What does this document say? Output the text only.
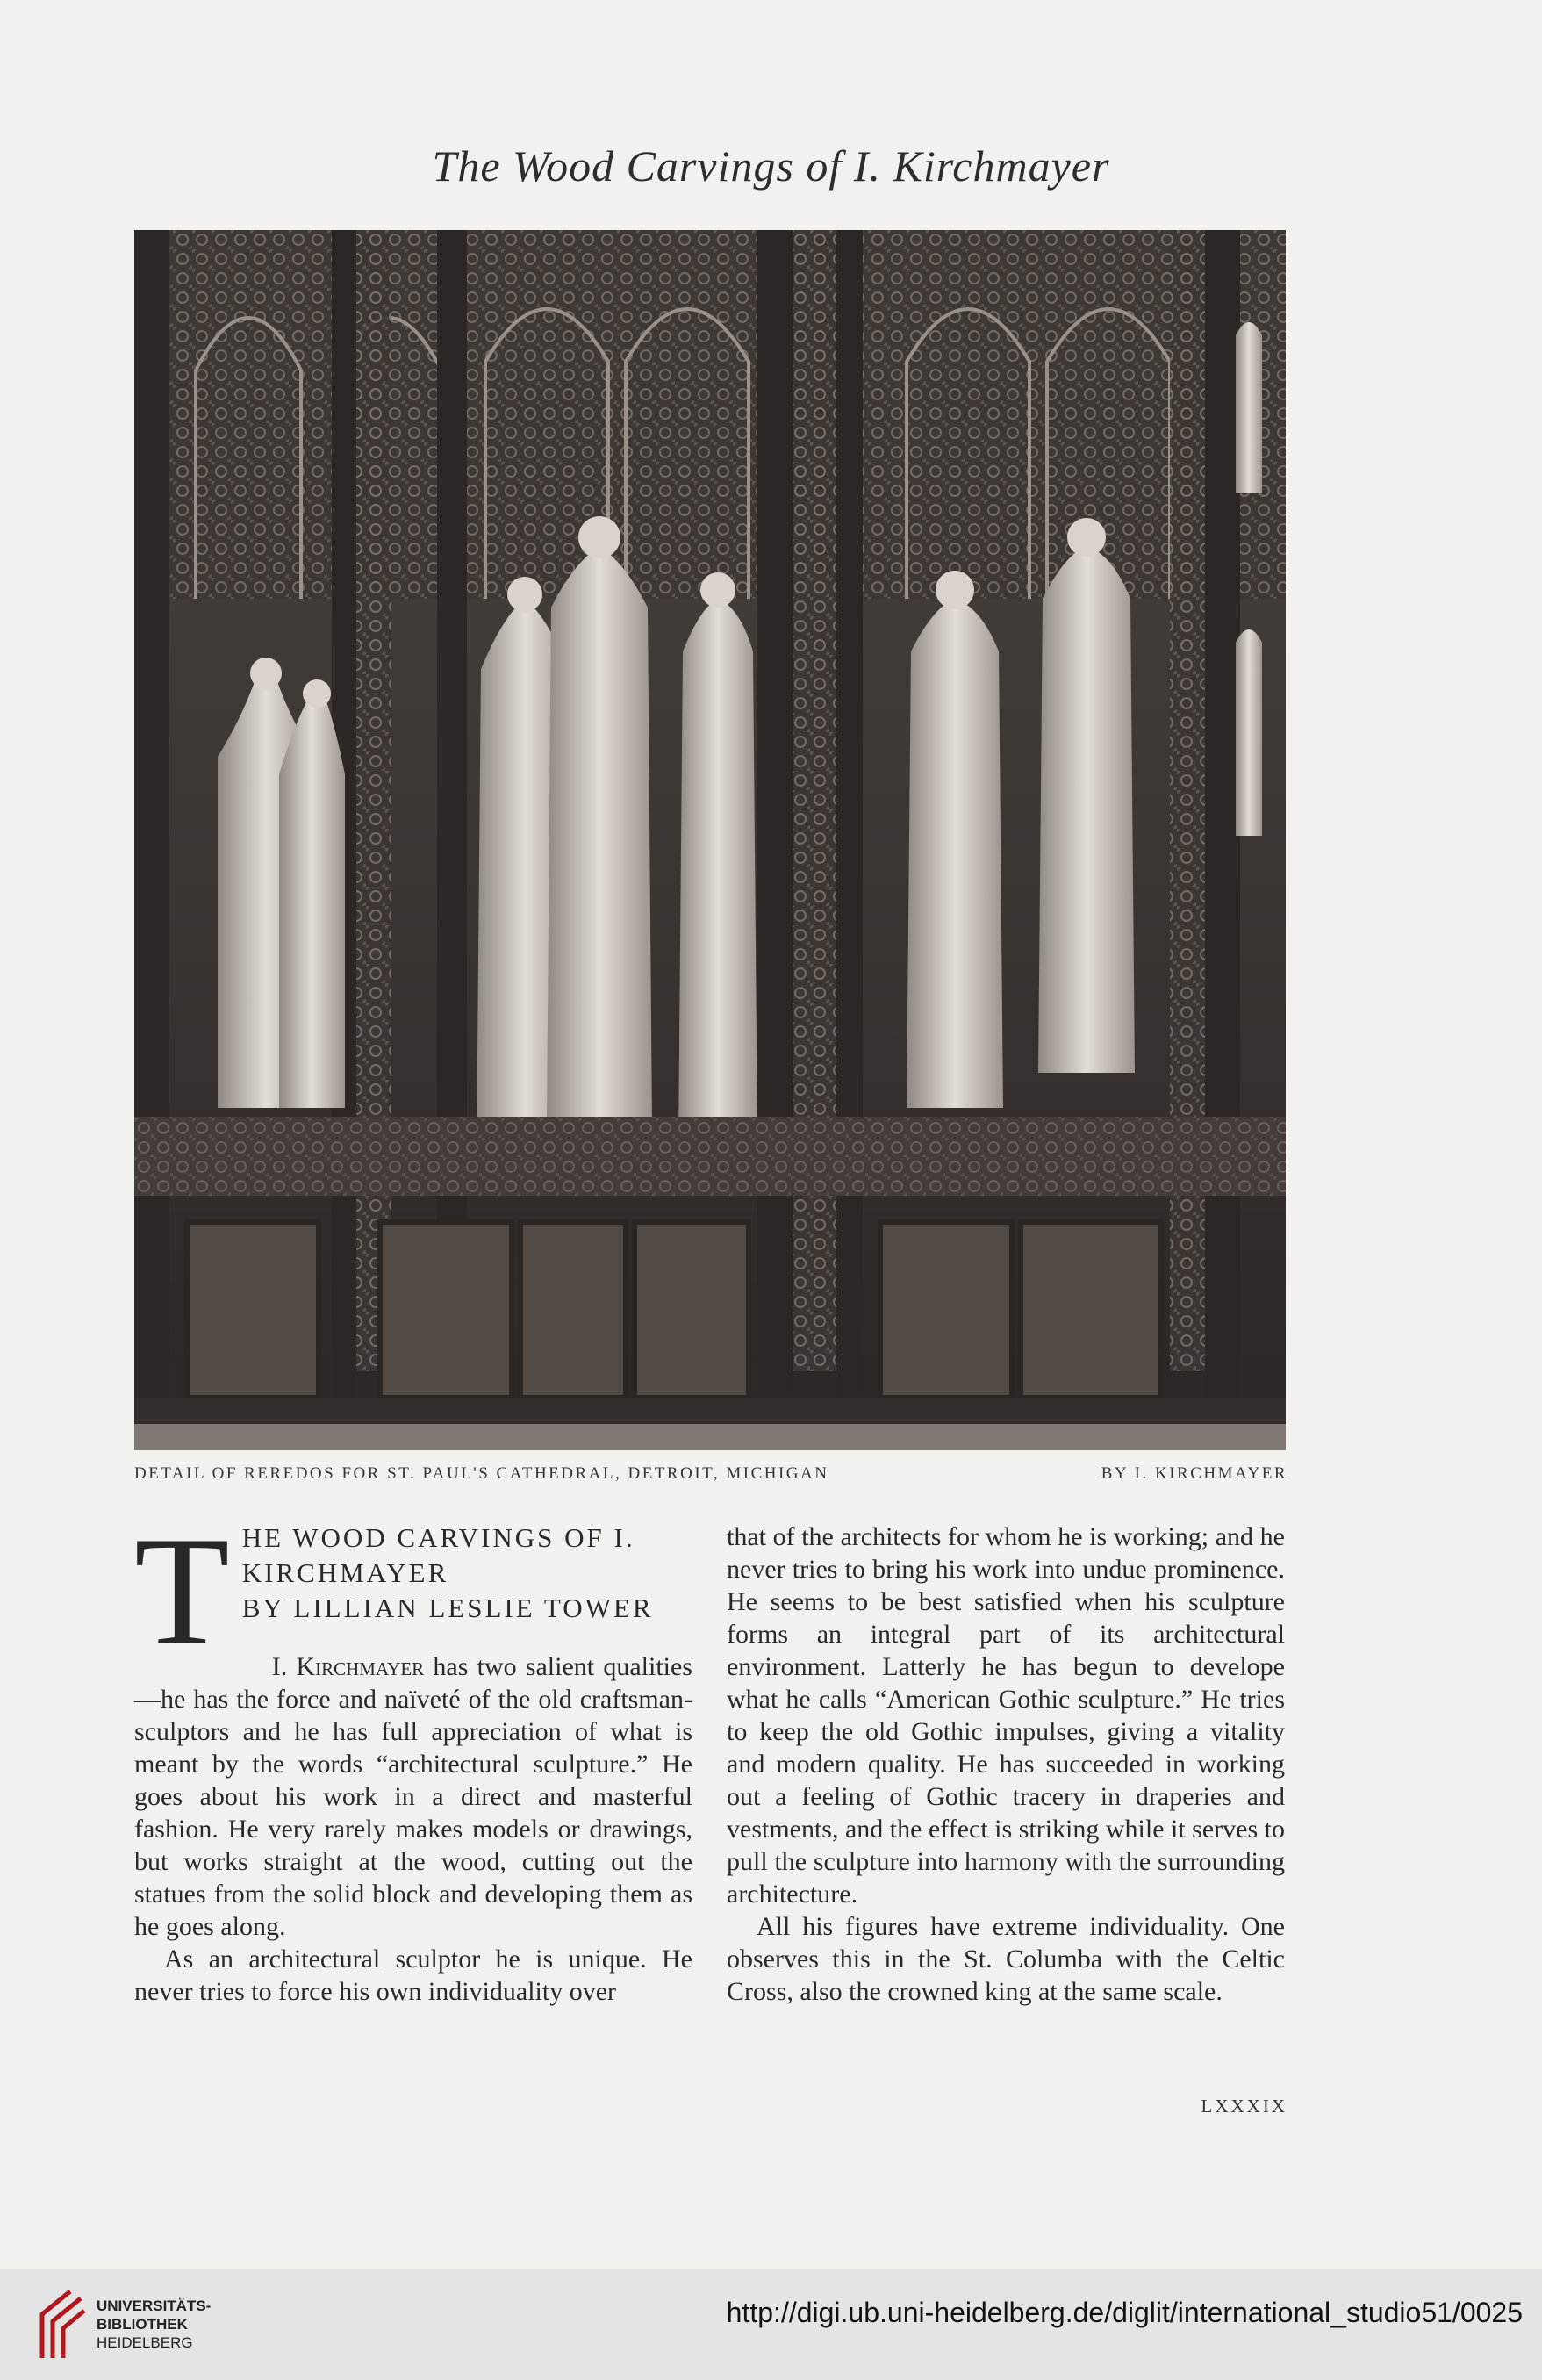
The Wood Carvings of I. Kirchmayer
DETAIL OF REREDOS FOR ST. PAUL'S CATHEDRAL, DETROIT, MICHIGAN	BY I. KIRCHMAYER
T HE WOOD CARVINGS OF I.
KIRCHMAYER
BY LILLIAN LESLIE TOWER

I. Kirchmayer has two salient qualities—he has the force and naïveté of the old craftsman-sculptors and he has full appreciation of what is meant by the words “architectural sculpture.” He goes about his work in a direct and masterful fashion. He very rarely makes models or drawings, but works straight at the wood, cutting out the statues from the solid block and developing them as he goes along.

As an architectural sculptor he is unique. He never tries to force his own individuality over

that of the architects for whom he is working; and he never tries to bring his work into undue prominence. He seems to be best satisfied when his sculpture forms an integral part of its architectural environment. Latterly he has begun to develope what he calls “American Gothic sculpture.” He tries to keep the old Gothic impulses, giving a vitality and modern quality. He has succeeded in working out a feeling of Gothic tracery in draperies and vestments, and the effect is striking while it serves to pull the sculpture into harmony with the surrounding architecture.

All his figures have extreme individuality. One observes this in the St. Columba with the Celtic Cross, also the crowned king at the same scale.

LXXXIX
UNIVERSITÄTS-
BIBLIOTHEK
HEIDELBERG
http://digi.ub.uni-heidelberg.de/diglit/international_studio51/0025
